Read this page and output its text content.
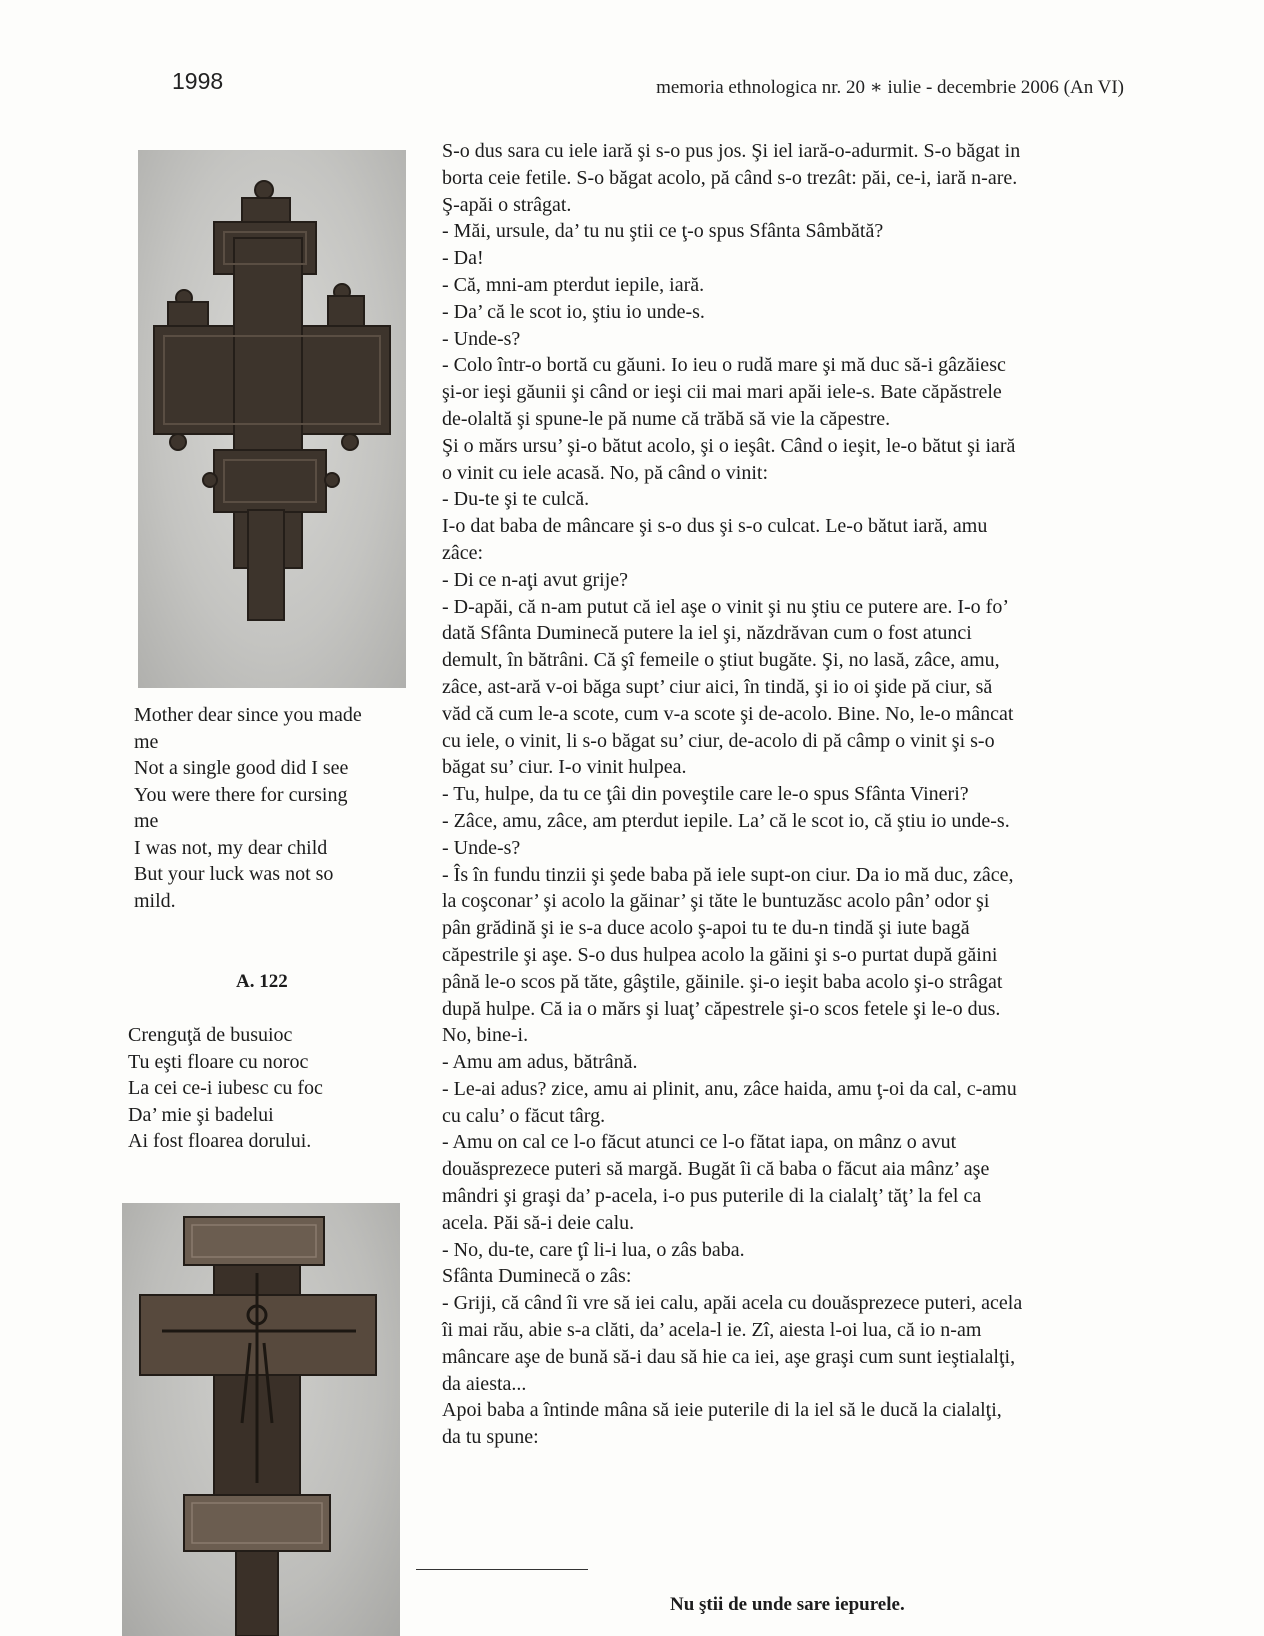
1998	memoria ethnologica nr. 20 ∗ iulie - decembrie 2006 (An VI)
Mother dear since you made
me
Not a single good did I see
You were there for cursing
me
I was not, my dear child
But your luck was not so
mild.
A. 122
Crenguţă de busuioc
Tu eşti floare cu noroc
La cei ce-i iubesc cu foc
Da’ mie şi badelui
Ai fost floarea dorului.
S-o dus sara cu iele iară şi s-o pus jos. Şi iel iară-o-adurmit. S-o băgat in
borta ceie fetile. S-o băgat acolo, pă când s-o trezât: păi, ce-i, iară n-are.
Ş-apăi o strâgat.
- Măi, ursule, da’ tu nu ştii ce ţ-o spus Sfânta Sâmbătă?
- Da!
- Că, mni-am pterdut iepile, iară.
- Da’ că le scot io, ştiu io unde-s.
- Unde-s?
- Colo într-o bortă cu găuni. Io ieu o rudă mare şi mă duc să-i gâzăiesc
şi-or ieşi găunii şi când or ieşi cii mai mari apăi iele-s. Bate căpăstrele
de-olaltă şi spune-le pă nume că trăbă să vie la căpestre.
Şi o mărs ursu’ şi-o bătut acolo, şi o ieşât. Când o ieşit, le-o bătut şi iară
o vinit cu iele acasă. No, pă când o vinit:
- Du-te şi te culcă.
I-o dat baba de mâncare şi s-o dus şi s-o culcat. Le-o bătut iară, amu
zâce:
- Di ce n-aţi avut grije?
- D-apăi, că n-am putut că iel aşe o vinit şi nu ştiu ce putere are. I-o fo’
dată Sfânta Duminecă putere la iel şi, năzdrăvan cum o fost atunci
demult, în bătrâni. Că şî femeile o ştiut bugăte. Şi, no lasă, zâce, amu,
zâce, ast-ară v-oi băga supt’ ciur aici, în tindă, şi io oi şide pă ciur, să
văd că cum le-a scote, cum v-a scote şi de-acolo. Bine. No, le-o mâncat
cu iele, o vinit, li s-o băgat su’ ciur, de-acolo di pă câmp o vinit şi s-o
băgat su’ ciur. I-o vinit hulpea.
- Tu, hulpe, da tu ce ţâi din poveştile care le-o spus Sfânta Vineri?
- Zâce, amu, zâce, am pterdut iepile. La’ că le scot io, că ştiu io unde-s.
- Unde-s?
- Îs în fundu tinzii şi şede baba pă iele supt-on ciur. Da io mă duc, zâce,
la coşconar’ şi acolo la găinar’ şi tăte le buntuzăsc acolo pân’ odor şi
pân grădină şi ie s-a duce acolo ş-apoi tu te du-n tindă şi iute bagă
căpestrile şi aşe. S-o dus hulpea acolo la găini şi s-o purtat după găini
până le-o scos pă tăte, gâştile, găinile. şi-o ieşit baba acolo şi-o strâgat
după hulpe. Că ia o mărs şi luaţ’ căpestrele şi-o scos fetele şi le-o dus.
No, bine-i.
- Amu am adus, bătrână.
- Le-ai adus? zice, amu ai plinit, anu, zâce haida, amu ţ-oi da cal, c-amu
cu calu’ o făcut târg.
- Amu on cal ce l-o făcut atunci ce l-o fătat iapa, on mânz o avut
douăsprezece puteri să margă. Bugăt îi că baba o făcut aia mânz’ aşe
mândri şi graşi da’ p-acela, i-o pus puterile di la cialalţ’ tăţ’ la fel ca
acela. Păi să-i deie calu.
- No, du-te, care ţî li-i lua, o zâs baba.
Sfânta Duminecă o zâs:
- Griji, că când îi vre să iei calu, apăi acela cu douăsprezece puteri, acela
îi mai rău, abie s-a clăti, da’ acela-l ie. Zî, aiesta l-oi lua, că io n-am
mâncare aşe de bună să-i dau să hie ca iei, aşe graşi cum sunt ieştialalţi,
da aiesta...
Apoi baba a întinde mâna să ieie puterile di la iel să le ducă la cialalţi,
da tu spune:
Nu ştii de unde sare iepurele.
